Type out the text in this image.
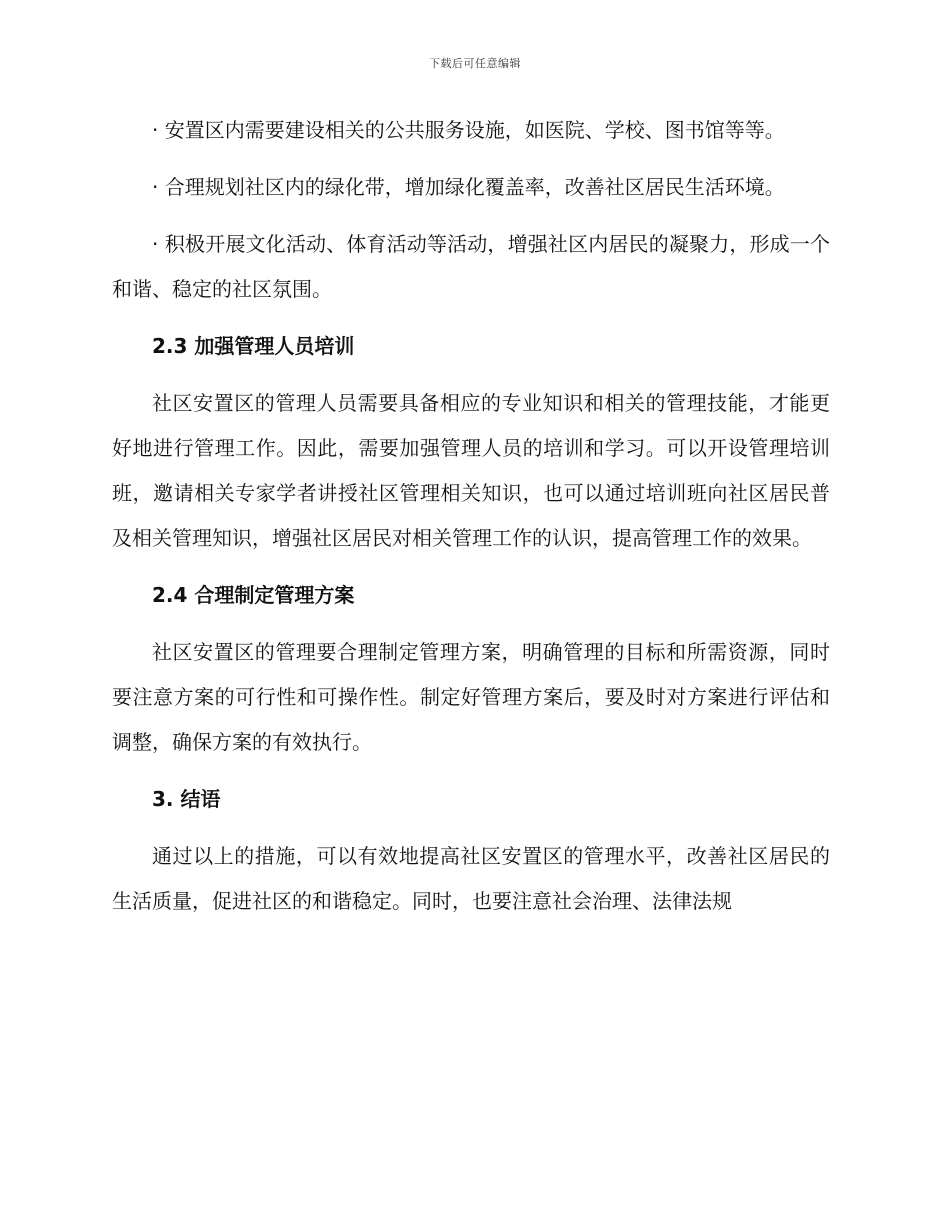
下载后可任意编辑

· 安置区内需要建设相关的公共服务设施，如医院、学校、图书馆等等。

· 合理规划社区内的绿化带，增加绿化覆盖率，改善社区居民生活环境。

· 积极开展文化活动、体育活动等活动，增强社区内居民的凝聚力，形成一个和谐、稳定的社区氛围。

2.3 加强管理人员培训

社区安置区的管理人员需要具备相应的专业知识和相关的管理技能，才能更好地进行管理工作。因此，需要加强管理人员的培训和学习。可以开设管理培训班，邀请相关专家学者讲授社区管理相关知识，也可以通过培训班向社区居民普及相关管理知识，增强社区居民对相关管理工作的认识，提高管理工作的效果。

2.4 合理制定管理方案

社区安置区的管理要合理制定管理方案，明确管理的目标和所需资源，同时要注意方案的可行性和可操作性。制定好管理方案后，要及时对方案进行评估和调整，确保方案的有效执行。

3. 结语

通过以上的措施，可以有效地提高社区安置区的管理水平，改善社区居民的生活质量，促进社区的和谐稳定。同时，也要注意社会治理、法律法规
